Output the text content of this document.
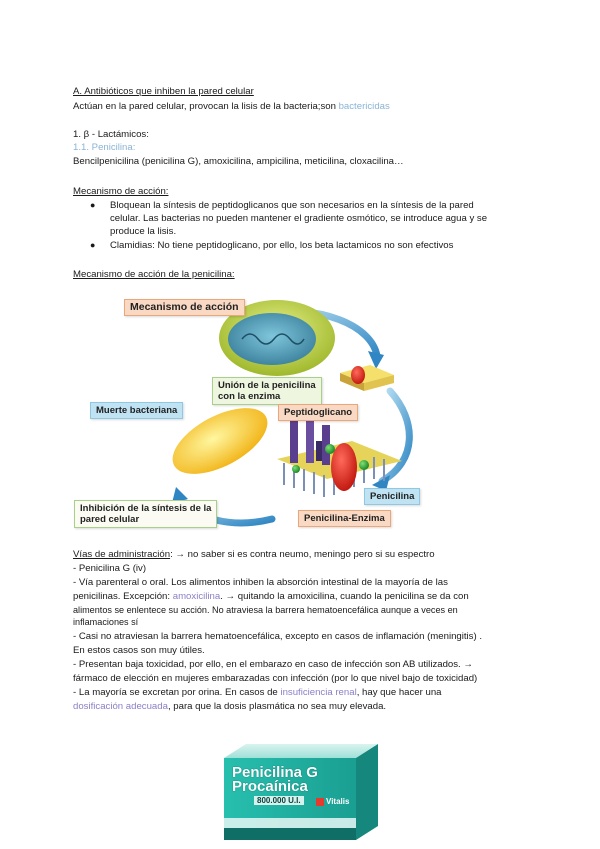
A. Antibióticos que inhiben la pared celular
Actúan en la pared celular, provocan la lisis de la bacteria;son bactericidas
1. β - Lactámicos:
1.1. Penicilina:
Bencilpenicilina (penicilina G), amoxicilina, ampicilina, meticilina, cloxacilina…
Mecanismo de acción:
● Bloquean la síntesis de peptidoglicanos que son necesarios en la síntesis de la pared
celular. Las bacterias no pueden mantener el gradiente osmótico, se introduce agua y se
produce la lisis.
● Clamidias: No tiene peptidoglicano, por ello, los beta lactamicos no son efectivos
Mecanismo de acción de la penicilina:
Mecanismo de acción
Unión de la penicilina
con la enzima
Muerte bacteriana	Peptidoglicano
Inhibición de la síntesis de la
pared celular
Penicilina
Penicilina-Enzima
Vías de administración: → no saber si es contra neumo, meningo pero si su espectro
- Penicilina G (iv)
- Vía parenteral o oral. Los alimentos inhiben la absorción intestinal de la mayoría de las
penicilinas. Excepción: amoxicilina. → quitando la amoxicilina, cuando la penicilina se da con
alimentos se enlentece su acción. No atraviesa la barrera hematoencefálica aunque a veces en
inflamaciones sí
- Casi no atraviesan la barrera hematoencefálica, excepto en casos de inflamación (meningitis) .
En estos casos son muy útiles.
- Presentan baja toxicidad, por ello, en el embarazo en caso de infección son AB utilizados. →
fármaco de elección en mujeres embarazadas con infección (por lo que nivel bajo de toxicidad)
- La mayoría se excretan por orina. En casos de insuficiencia renal, hay que hacer una
dosificación adecuada, para que la dosis plasmática no sea muy elevada.
Penicilina G
Procaínica
800.000 U.I.	Vitalis
